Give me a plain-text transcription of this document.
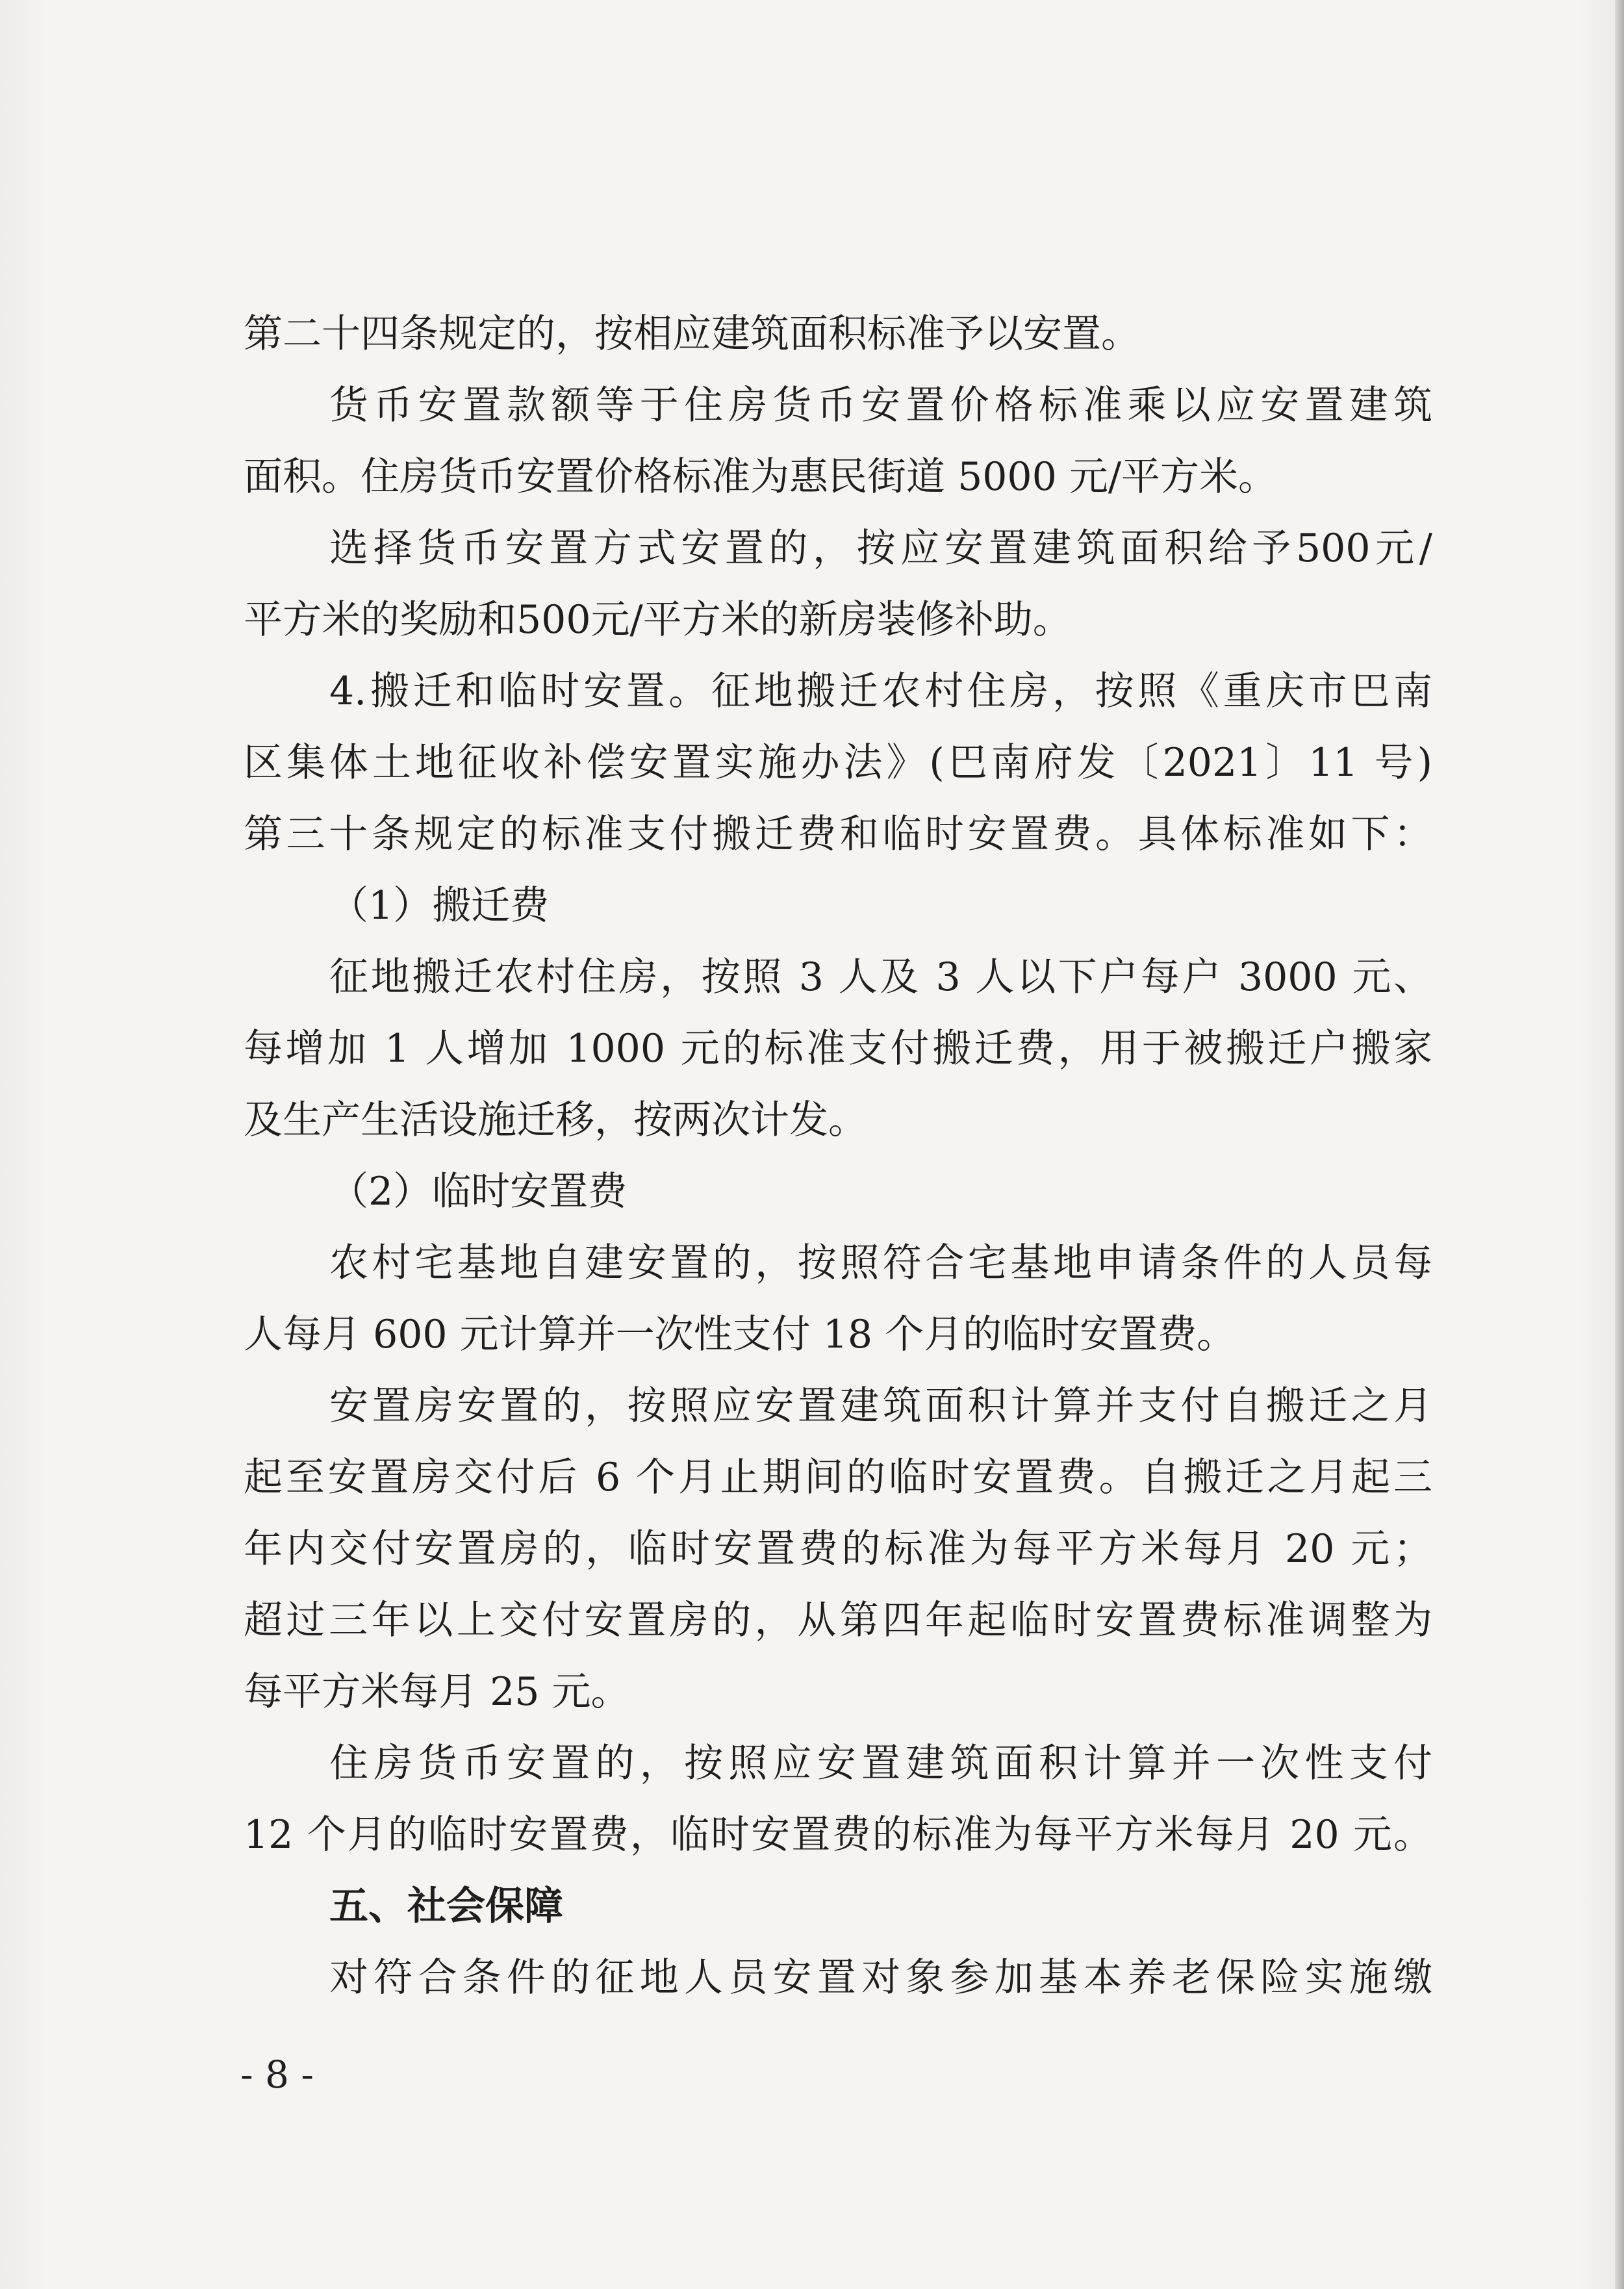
第二十四条规定的，按相应建筑面积标准予以安置。
货币安置款额等于住房货币安置价格标准乘以应安置建筑
面积。住房货币安置价格标准为惠民街道 5000 元/平方米。
选择货币安置方式安置的，按应安置建筑面积给予500元/
平方米的奖励和500元/平方米的新房装修补助。
4.搬迁和临时安置。征地搬迁农村住房，按照《重庆市巴南
区集体土地征收补偿安置实施办法》(巴南府发〔2021〕11 号)
第三十条规定的标准支付搬迁费和临时安置费。具体标准如下：
（1）搬迁费
征地搬迁农村住房，按照 3 人及 3 人以下户每户 3000 元、
每增加 1 人增加 1000 元的标准支付搬迁费，用于被搬迁户搬家
及生产生活设施迁移，按两次计发。
（2）临时安置费
农村宅基地自建安置的，按照符合宅基地申请条件的人员每
人每月 600 元计算并一次性支付 18 个月的临时安置费。
安置房安置的，按照应安置建筑面积计算并支付自搬迁之月
起至安置房交付后 6 个月止期间的临时安置费。自搬迁之月起三
年内交付安置房的，临时安置费的标准为每平方米每月 20 元；
超过三年以上交付安置房的，从第四年起临时安置费标准调整为
每平方米每月 25 元。
住房货币安置的，按照应安置建筑面积计算并一次性支付
12 个月的临时安置费，临时安置费的标准为每平方米每月 20 元。
五、社会保障
对符合条件的征地人员安置对象参加基本养老保险实施缴
- 8 -
